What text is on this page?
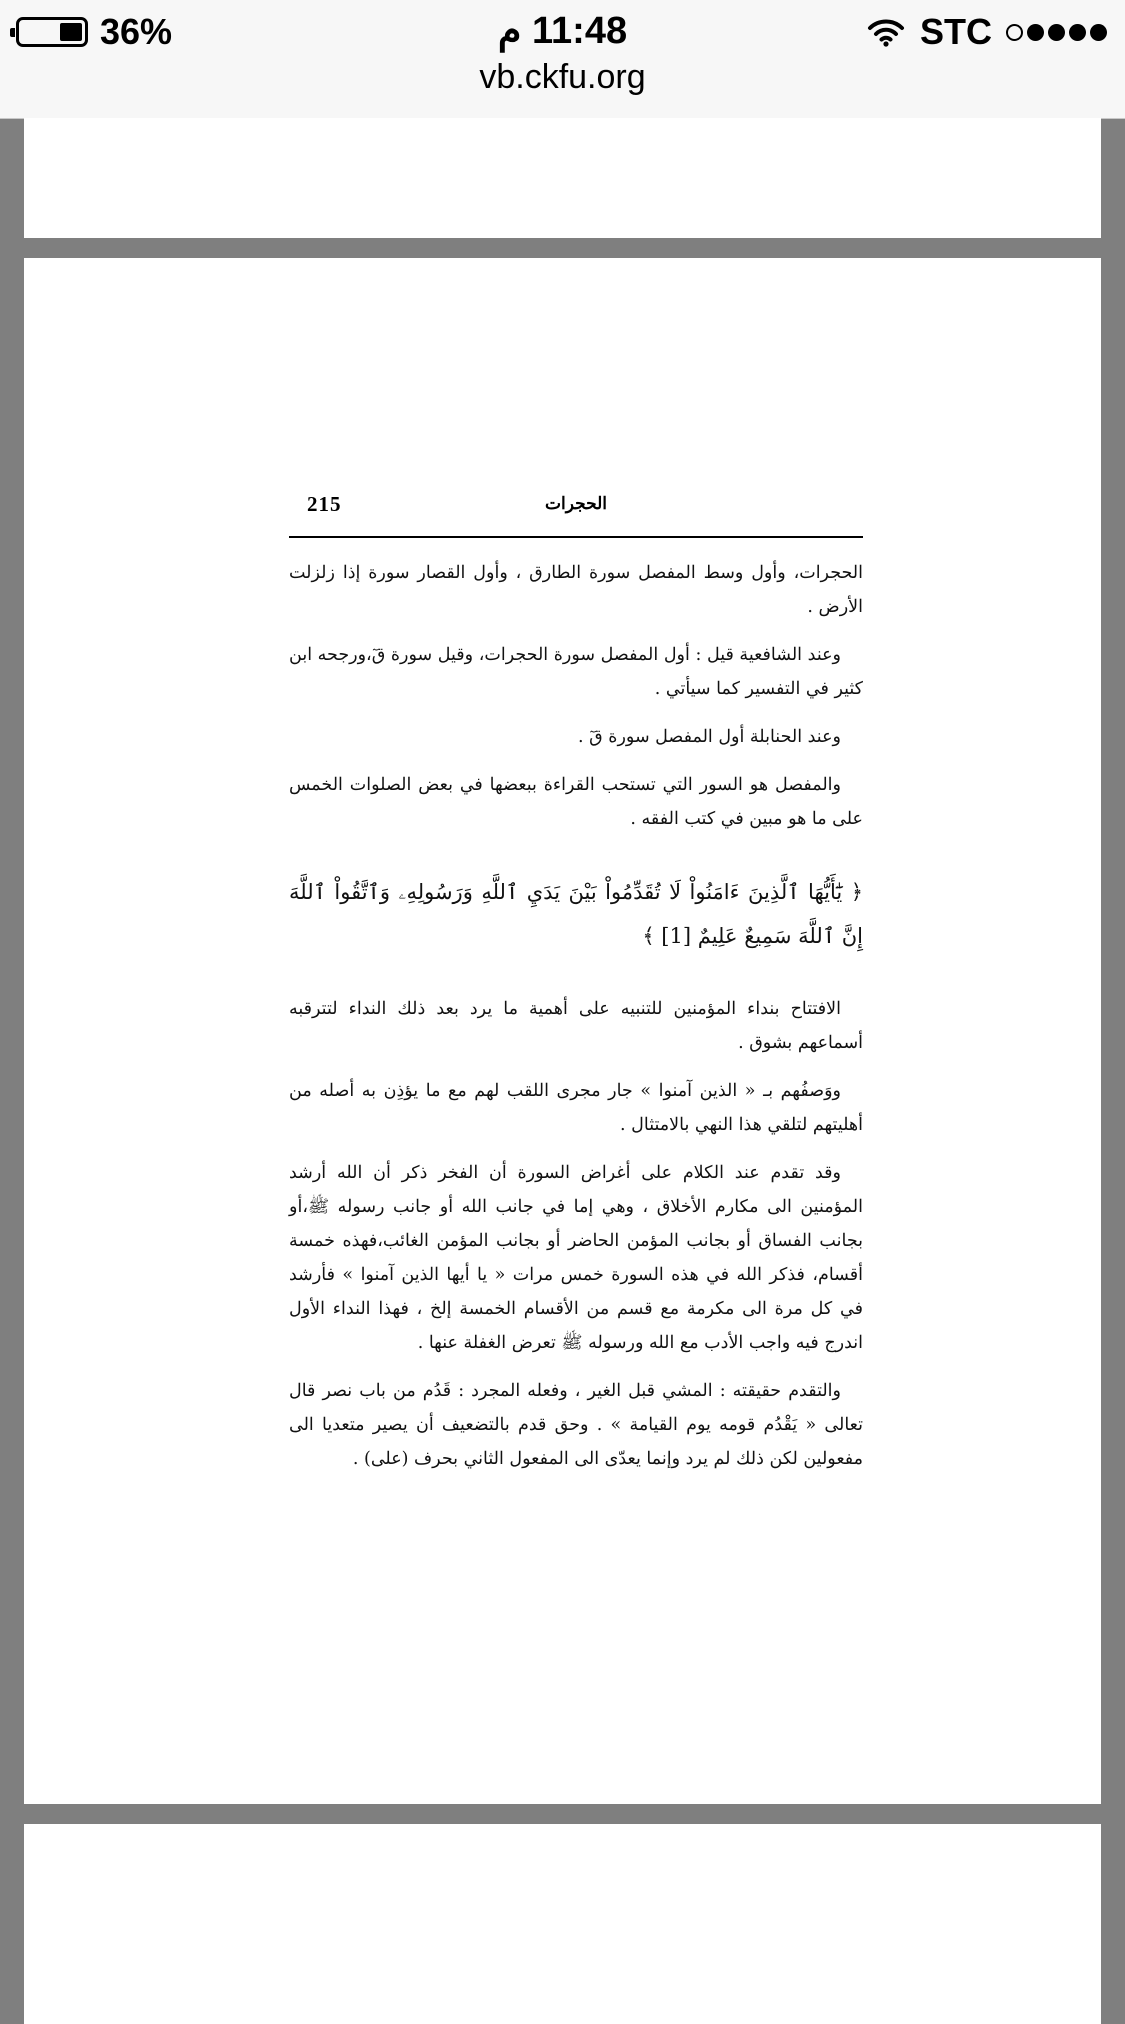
36%	11:48 م	STC
vb.ckfu.org
215	الحجرات

الحجرات، وأول وسط المفصل سورة الطارق ، وأول القصار سورة إذا زلزلت الأرض .

وعند الشافعية قيل : أول المفصل سورة الحجرات، وقيل سورة قٓ،ورجحه ابن كثير في التفسير كما سيأتي .

وعند الحنابلة أول المفصل سورة قٓ .

والمفصل هو السور التي تستحب القراءة ببعضها في بعض الصلوات الخمس على ما هو مبين في كتب الفقه .

﴿ يَٰٓأَيُّهَا ٱلَّذِينَ ءَامَنُواْ لَا تُقَدِّمُواْ بَيْنَ يَدَيِ ٱللَّهِ وَرَسُولِهِۦ وَٱتَّقُواْ ٱللَّهَ إِنَّ ٱللَّهَ سَمِيعٌ عَلِيمٌ [1] ﴾

الافتتاح بنداء المؤمنين للتنبيه على أهمية ما يرد بعد ذلك النداء لتترقبه أسماعهم بشوق .

ووَصفُهم بـ « الذين آمنوا » جار مجرى اللقب لهم مع ما يؤذِن به أصله من أهليتهم لتلقي هذا النهي بالامتثال .

وقد تقدم عند الكلام على أغراض السورة أن الفخر ذكر أن الله أرشد المؤمنين الى مكارم الأخلاق ، وهي إما في جانب الله أو جانب رسوله ﷺ،أو بجانب الفساق أو بجانب المؤمن الحاضر أو بجانب المؤمن الغائب،فهذه خمسة أقسام، فذكر الله في هذه السورة خمس مرات « يا أيها الذين آمنوا » فأرشد في كل مرة الى مكرمة مع قسم من الأقسام الخمسة إلخ ، فهذا النداء الأول اندرج فيه واجب الأدب مع الله ورسوله ﷺ تعرض الغفلة عنها .

والتقدم حقيقته : المشي قبل الغير ، وفعله المجرد : قَدُم من باب نصر قال تعالى « يَقْدُم قومه يوم القيامة » . وحق قدم بالتضعيف أن يصير متعديا الى مفعولين لكن ذلك لم يرد وإنما يعدّى الى المفعول الثاني بحرف (على) .
